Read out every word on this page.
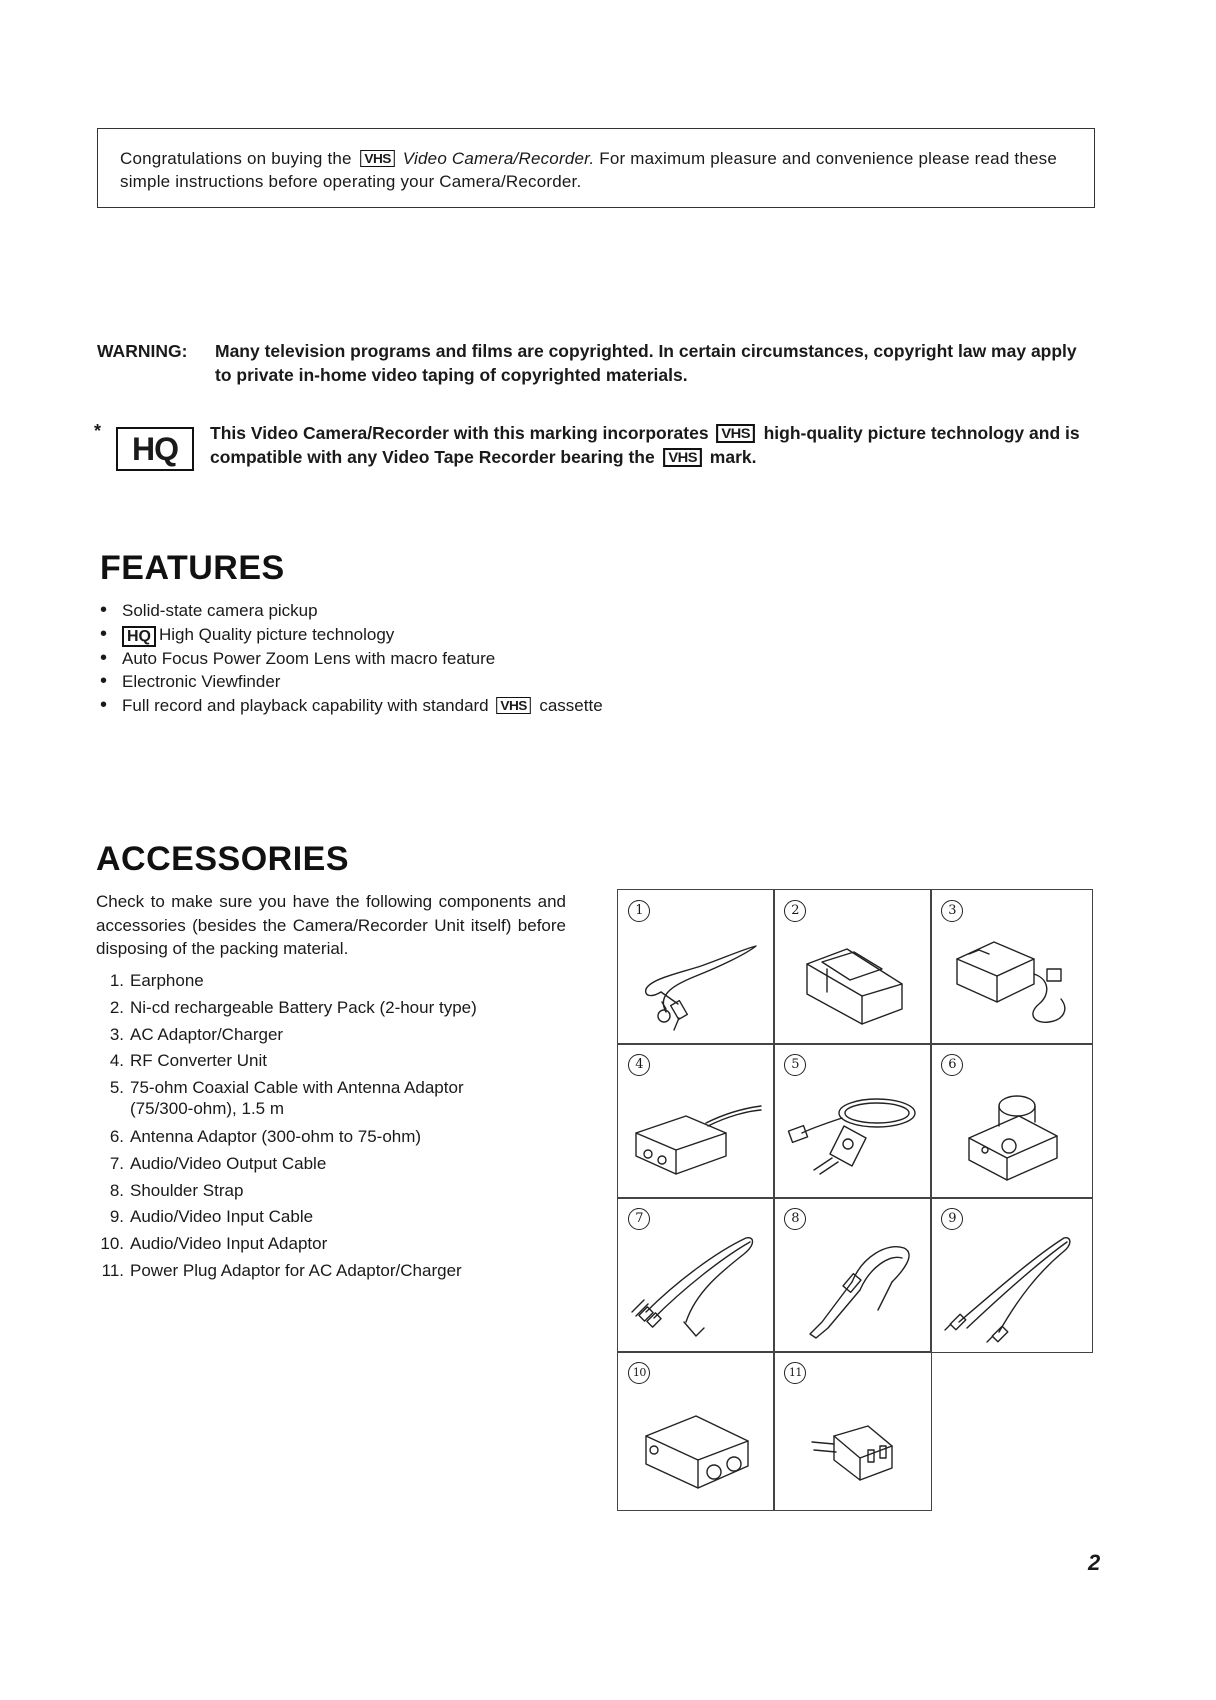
Congratulations on buying the VHS Video Camera/Recorder. For maximum pleasure and convenience please read these simple instructions before operating your Camera/Recorder.
WARNING: Many television programs and films are copyrighted. In certain circumstances, copyright law may apply to private in-home video taping of copyrighted materials.
* HQ	This Video Camera/Recorder with this marking incorporates VHS high-quality picture technology and is compatible with any Video Tape Recorder bearing the VHS mark.
FEATURES
• Solid-state camera pickup
• HQ High Quality picture technology
• Auto Focus Power Zoom Lens with macro feature
• Electronic Viewfinder
• Full record and playback capability with standard VHS cassette
ACCESSORIES
Check to make sure you have the following components and accessories (besides the Camera/Recorder Unit itself) before disposing of the packing material.
1. Earphone
2. Ni-cd rechargeable Battery Pack (2-hour type)
3. AC Adaptor/Charger
4. RF Converter Unit
5. 75-ohm Coaxial Cable with Antenna Adaptor
(75/300-ohm), 1.5 m
6. Antenna Adaptor (300-ohm to 75-ohm)
7. Audio/Video Output Cable
8. Shoulder Strap
9. Audio/Video Input Cable
10. Audio/Video Input Adaptor
11. Power Plug Adaptor for AC Adaptor/Charger
1	2	3
4	5	6
7	8	9
10	11
2
